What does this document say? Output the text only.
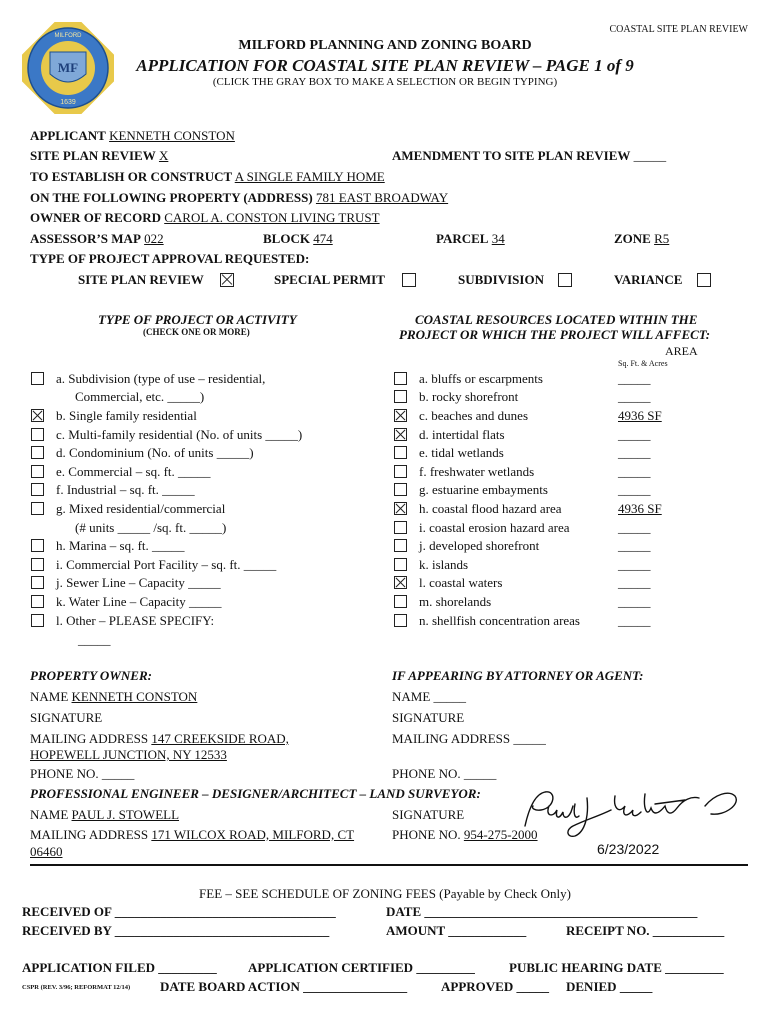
MF
MILFORD
1639
COASTAL SITE PLAN REVIEW
MILFORD PLANNING AND ZONING BOARD
APPLICATION FOR COASTAL SITE PLAN REVIEW – PAGE 1 of 9
(CLICK THE GRAY BOX TO MAKE A SELECTION OR BEGIN TYPING)
APPLICANT KENNETH CONSTON
SITE PLAN REVIEW X	AMENDMENT TO SITE PLAN REVIEW _____
TO ESTABLISH OR CONSTRUCT A SINGLE FAMILY HOME
ON THE FOLLOWING PROPERTY (ADDRESS) 781 EAST BROADWAY
OWNER OF RECORD CAROL A. CONSTON LIVING TRUST
ASSESSOR’S MAP 022	BLOCK 474	PARCEL 34	ZONE R5
TYPE OF PROJECT APPROVAL REQUESTED:
SITE PLAN REVIEW	SPECIAL PERMIT	SUBDIVISION	VARIANCE
TYPE OF PROJECT OR ACTIVITY
(CHECK ONE OR MORE)
COASTAL RESOURCES LOCATED WITHIN THE
PROJECT OR WHICH THE PROJECT WILL AFFECT:
AREA
Sq. Ft. & Acres
a. Subdivision (type of use – residential,
Commercial, etc. _____)
b. Single family residential
c. Multi-family residential (No. of units _____)
d. Condominium (No. of units _____)
e. Commercial – sq. ft. _____
f. Industrial – sq. ft. _____
g. Mixed residential/commercial
(# units _____ /sq. ft. _____)
h. Marina – sq. ft. _____
i. Commercial Port Facility – sq. ft. _____
j. Sewer Line – Capacity _____
k. Water Line – Capacity _____
l. Other – PLEASE SPECIFY:
_____
a. bluffs or escarpments	_____
b. rocky shorefront	_____
c. beaches and dunes	4936 SF
d. intertidal flats	_____
e. tidal wetlands	_____
f. freshwater wetlands	_____
g. estuarine embayments	_____
h. coastal flood hazard area	4936 SF
i. coastal erosion hazard area	_____
j. developed shorefront	_____
k. islands	_____
l. coastal waters	_____
m. shorelands	_____
n. shellfish concentration areas	_____
PROPERTY OWNER:
NAME KENNETH CONSTON
SIGNATURE
MAILING ADDRESS 147 CREEKSIDE ROAD,
HOPEWELL JUNCTION, NY 12533
PHONE NO. _____
IF APPEARING BY ATTORNEY OR AGENT:
NAME _____
SIGNATURE
MAILING ADDRESS _____
PHONE NO. _____
PROFESSIONAL ENGINEER – DESIGNER/ARCHITECT – LAND SURVEYOR:
NAME PAUL J. STOWELL	SIGNATURE
MAILING ADDRESS 171 WILCOX ROAD, MILFORD, CT
06460
PHONE NO. 954-275-2000
6/23/2022
FEE – SEE SCHEDULE OF ZONING FEES (Payable by Check Only)
RECEIVED OF __________________________________	DATE __________________________________________
RECEIVED BY _________________________________	AMOUNT ____________	RECEIPT NO. ___________
APPLICATION FILED _________ APPLICATION CERTIFIED _________	PUBLIC HEARING DATE _________
CSPR (REV. 3/96; REFORMAT 12/14) DATE BOARD ACTION ________________	APPROVED _____ DENIED _____
